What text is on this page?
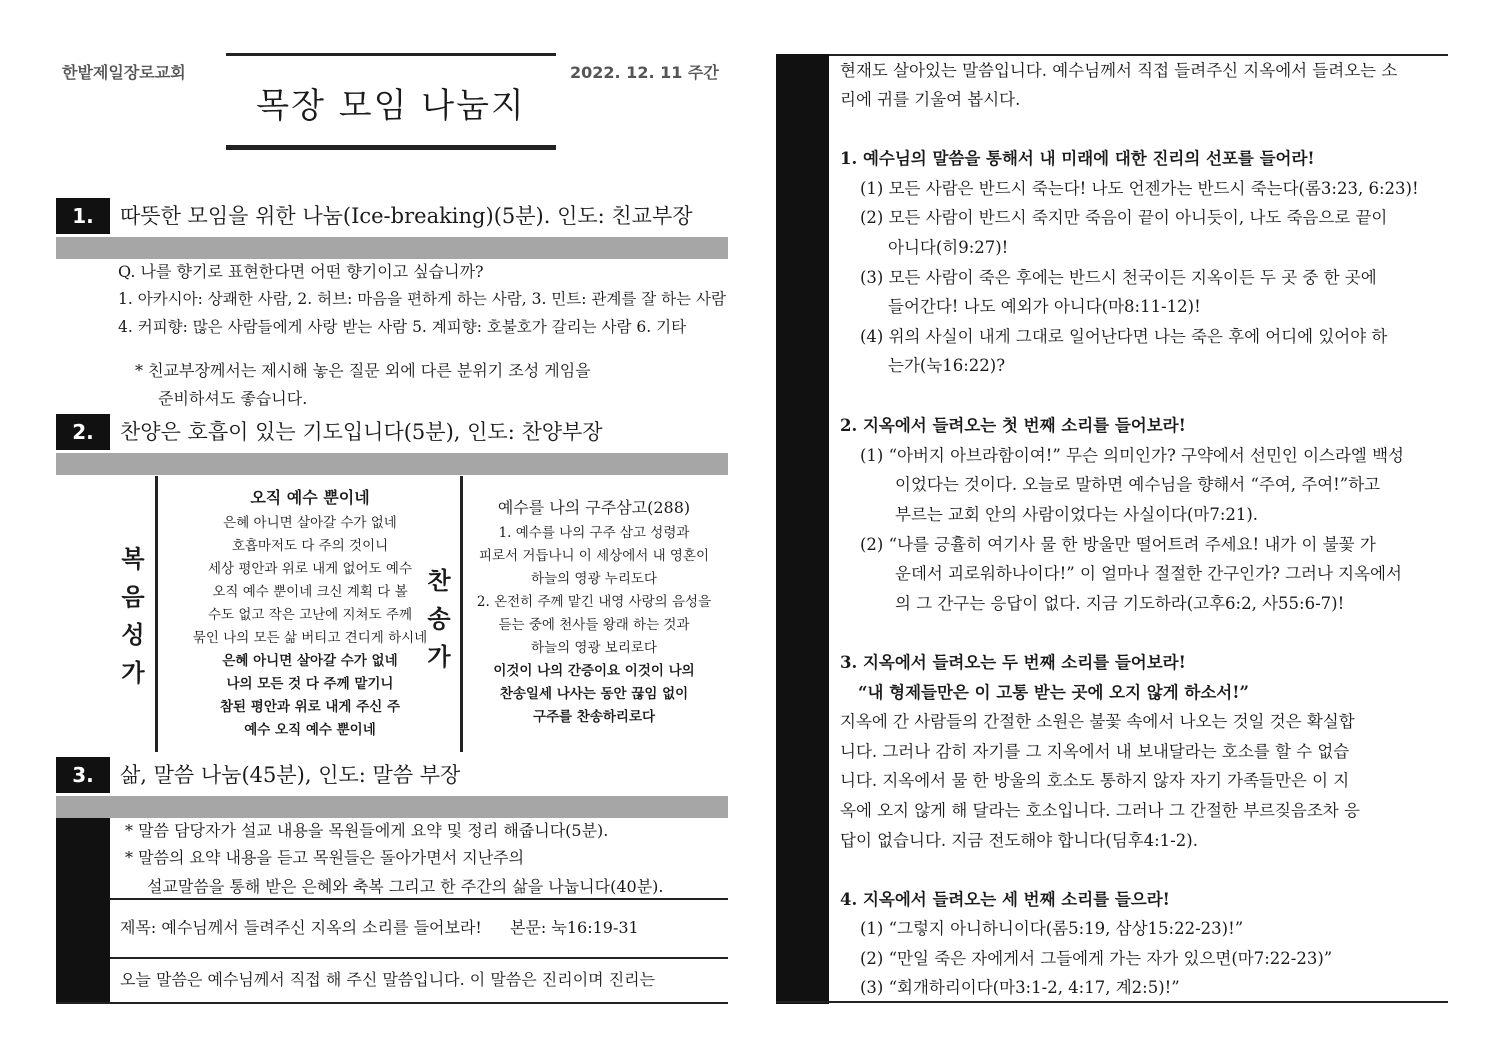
한밭제일장로교회
목장 모임 나눔지
2022. 12. 11 주간
1.	따뜻한 모임을 위한 나눔(Ice-breaking)(5분). 인도: 친교부장
Q. 나를 향기로 표현한다면 어떤 향기이고 싶습니까?
1. 아카시아: 상쾌한 사람, 2. 허브: 마음을 편하게 하는 사람, 3. 민트: 관계를 잘 하는 사람
4. 커피향: 많은 사람들에게 사랑 받는 사람 5. 계피향: 호불호가 갈리는 사람 6. 기타
* 친교부장께서는 제시해 놓은 질문 외에 다른 분위기 조성 게임을
준비하셔도 좋습니다.
2.	찬양은 호흡이 있는 기도입니다(5분), 인도: 찬양부장
복
음
성
가
오직 예수 뿐이네
은혜 아니면 살아갈 수가 없네
호흡마저도 다 주의 것이니
세상 평안과 위로 내게 없어도 예수
오직 예수 뿐이네 크신 계획 다 볼
수도 없고 작은 고난에 지쳐도 주께
묶인 나의 모든 삶 버티고 견디게 하시네
은혜 아니면 살아갈 수가 없네
나의 모든 것 다 주께 맡기니
참된 평안과 위로 내게 주신 주
예수 오직 예수 뿐이네
찬
송
가
예수를 나의 구주삼고(288)
1. 예수를 나의 구주 삼고 성령과
피로서 거듭나니 이 세상에서 내 영혼이
하늘의 영광 누리도다
2. 온전히 주께 맡긴 내영 사랑의 음성을
듣는 중에 천사들 왕래 하는 것과
하늘의 영광 보리로다
이것이 나의 간증이요 이것이 나의
찬송일세 나사는 동안 끊임 없이
구주를 찬송하리로다
3.	삶, 말씀 나눔(45분), 인도: 말씀 부장
* 말씀 담당자가 설교 내용을 목원들에게 요약 및 정리 해줍니다(5분).
* 말씀의 요약 내용을 듣고 목원들은 돌아가면서 지난주의
설교말씀을 통해 받은 은혜와 축복 그리고 한 주간의 삶을 나눕니다(40분).
제목: 예수님께서 들려주신 지옥의 소리를 들어보라! 본문: 눅16:19-31
오늘 말씀은 예수님께서 직접 해 주신 말씀입니다. 이 말씀은 진리이며 진리는
현재도 살아있는 말씀입니다. 예수님께서 직접 들려주신 지옥에서 들려오는 소
리에 귀를 기울여 봅시다.
1. 예수님의 말씀을 통해서 내 미래에 대한 진리의 선포를 들어라!
(1) 모든 사람은 반드시 죽는다! 나도 언젠가는 반드시 죽는다(롬3:23, 6:23)!
(2) 모든 사람이 반드시 죽지만 죽음이 끝이 아니듯이, 나도 죽음으로 끝이
아니다(히9:27)!
(3) 모든 사람이 죽은 후에는 반드시 천국이든 지옥이든 두 곳 중 한 곳에
들어간다! 나도 예외가 아니다(마8:11-12)!
(4) 위의 사실이 내게 그대로 일어난다면 나는 죽은 후에 어디에 있어야 하
는가(눅16:22)?
2. 지옥에서 들려오는 첫 번째 소리를 들어보라!
(1) “아버지 아브라함이여!” 무슨 의미인가? 구약에서 선민인 이스라엘 백성
이었다는 것이다. 오늘로 말하면 예수님을 향해서 “주여, 주여!”하고
부르는 교회 안의 사람이었다는 사실이다(마7:21).
(2) “나를 긍휼히 여기사 물 한 방울만 떨어트려 주세요! 내가 이 불꽃 가
운데서 괴로워하나이다!” 이 얼마나 절절한 간구인가? 그러나 지옥에서
의 그 간구는 응답이 없다. 지금 기도하라(고후6:2, 사55:6-7)!
3. 지옥에서 들려오는 두 번째 소리를 들어보라!
“내 형제들만은 이 고통 받는 곳에 오지 않게 하소서!”
지옥에 간 사람들의 간절한 소원은 불꽃 속에서 나오는 것일 것은 확실합
니다. 그러나 감히 자기를 그 지옥에서 내 보내달라는 호소를 할 수 없습
니다. 지옥에서 물 한 방울의 호소도 통하지 않자 자기 가족들만은 이 지
옥에 오지 않게 해 달라는 호소입니다. 그러나 그 간절한 부르짖음조차 응
답이 없습니다. 지금 전도해야 합니다(딤후4:1-2).
4. 지옥에서 들려오는 세 번째 소리를 들으라!
(1) “그렇지 아니하니이다(롬5:19, 삼상15:22-23)!”
(2) “만일 죽은 자에게서 그들에게 가는 자가 있으면(마7:22-23)”
(3) “회개하리이다(마3:1-2, 4:17, 계2:5)!”
